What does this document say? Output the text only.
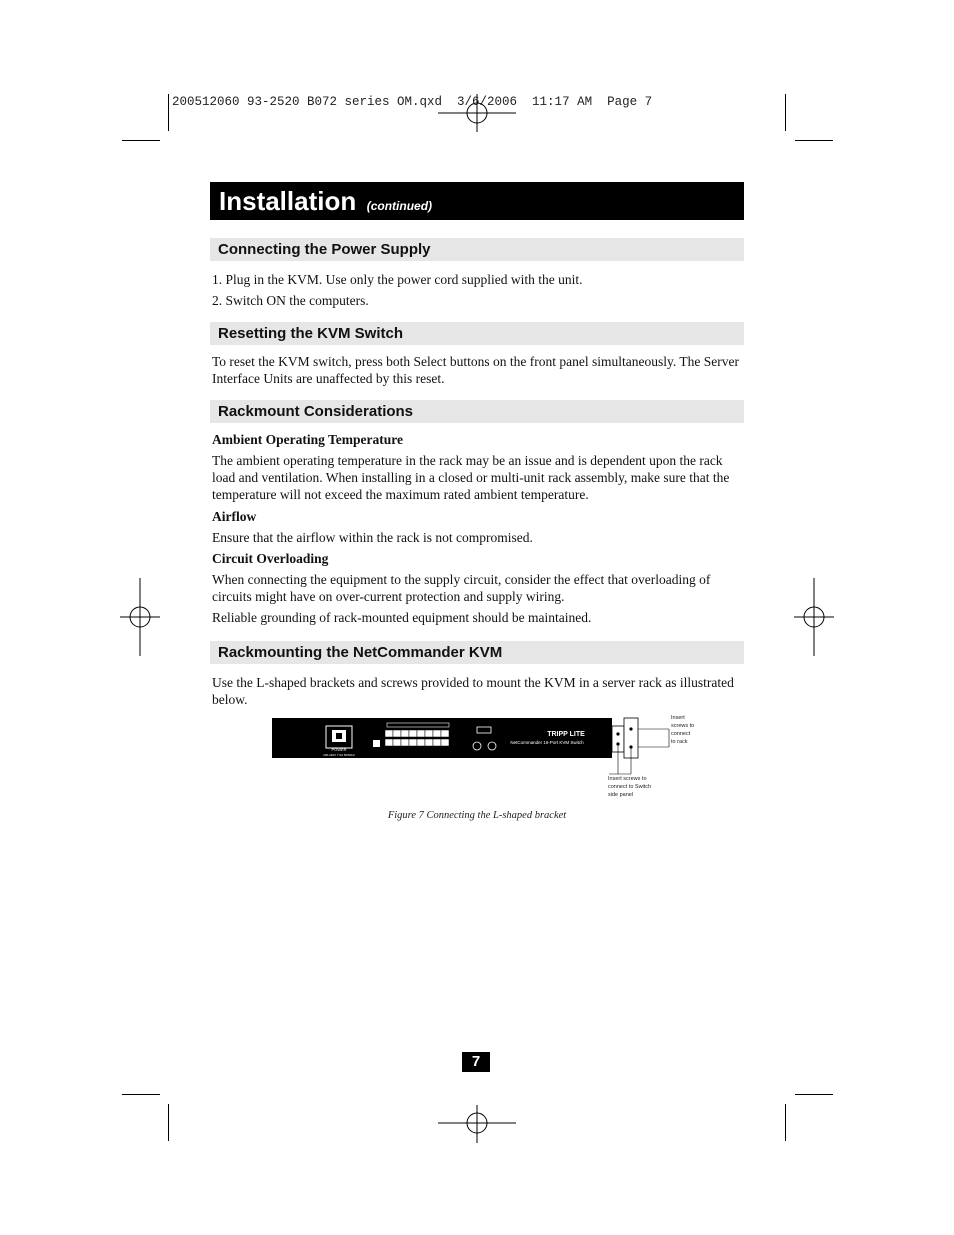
200512060 93-2520 B072 series OM.qxd  3/6/2006  11:17 AM  Page 7
Installation (continued)
Connecting the Power Supply
1. Plug in the KVM. Use only the power cord supplied with the unit.
2. Switch ON the computers.
Resetting the KVM Switch
To reset the KVM switch, press both Select buttons on the front panel simultaneously. The Server Interface Units are unaffected by this reset.
Rackmount Considerations
Ambient Operating Temperature
The ambient operating temperature in the rack may be an issue and is dependent upon the rack load and ventilation. When installing in a closed or multi-unit rack assembly, make sure that the temperature will not exceed the maximum rated ambient temperature.
Airflow
Ensure that the airflow within the rack is not compromised.
Circuit Overloading
When connecting the equipment to the supply circuit, consider the effect that overloading of circuits might have on over-current protection and supply wiring.
Reliable grounding of rack-mounted equipment should be maintained.
Rackmounting the NetCommander KVM
Use the L-shaped brackets and screws provided to mount the KVM in a server rack as illustrated below.
POWER
100-240V 7.5A 50/60Hz
TRIPP LITE
NetCommander 16-Port KVM Switch
Insert screws to connect to rack
Insert screws to connect to Switch side panel
Figure 7 Connecting the L-shaped bracket
7
